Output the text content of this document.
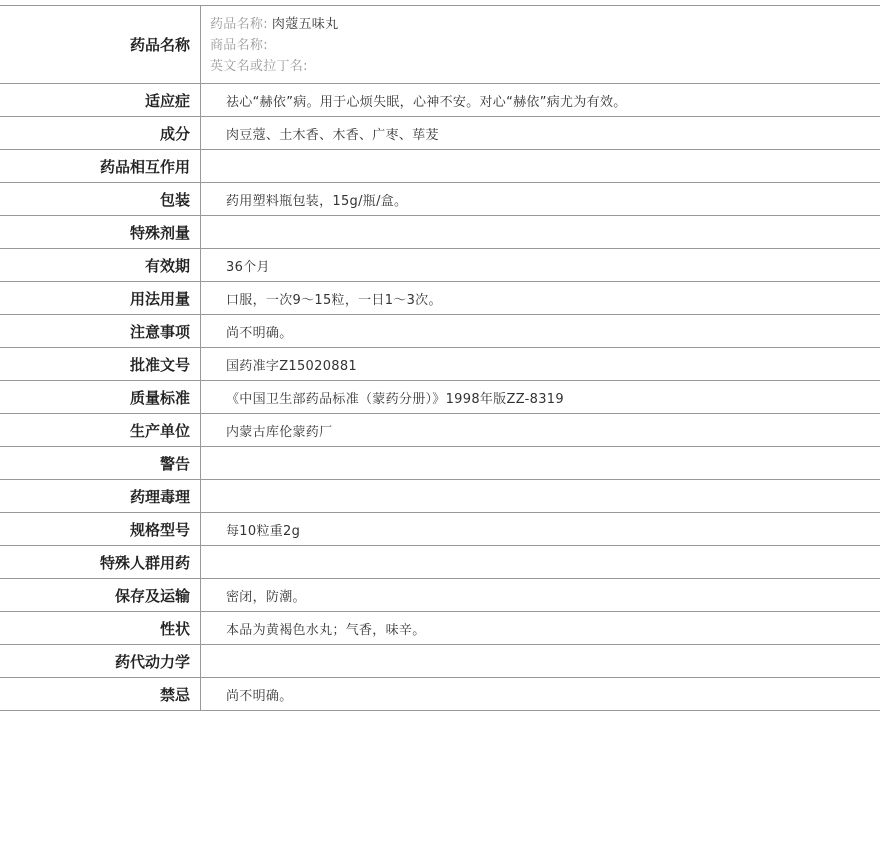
药品名称	药品名称: 肉蔻五味丸
商品名称:
英文名或拉丁名:

适应症	祛心“赫依”病。用于心烦失眠，心神不安。对心“赫依”病尤为有效。
成分	肉豆蔻、土木香、木香、广枣、荜茇
药品相互作用	
包装	药用塑料瓶包装，15g/瓶/盒。
特殊剂量	
有效期	36个月
用法用量	口服，一次9～15粒，一日1～3次。
注意事项	尚不明确。
批准文号	国药准字Z15020881
质量标准	《中国卫生部药品标准（蒙药分册）》1998年版ZZ-8319
生产单位	内蒙古库伦蒙药厂
警告	
药理毒理	
规格型号	每10粒重2g
特殊人群用药	
保存及运输	密闭，防潮。
性状	本品为黄褐色水丸；气香，味辛。
药代动力学	
禁忌	尚不明确。
